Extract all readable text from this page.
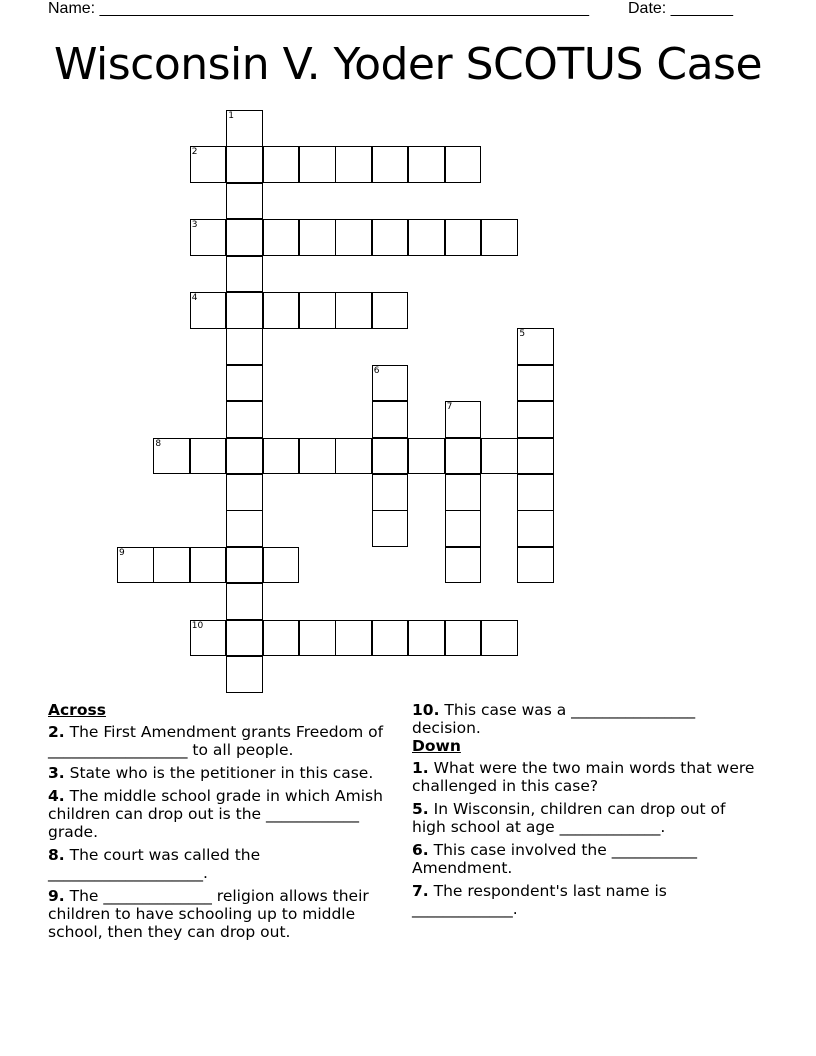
Name: _______________________________________________________ Date: _______
Wisconsin V. Yoder SCOTUS Case
1
2
3
4
5
6
7
8
9
10
Across
2. The First Amendment grants Freedom of __________________ to all people.
3. State who is the petitioner in this case.
4. The middle school grade in which Amish children can drop out is the ____________ grade.
8. The court was called the ____________________.
9. The ______________ religion allows their children to have schooling up to middle school, then they can drop out.
10. This case was a ________________ decision.
Down
1. What were the two main words that were challenged in this case?
5. In Wisconsin, children can drop out of high school at age _____________.
6. This case involved the ___________ Amendment.
7. The respondent's last name is _____________.
